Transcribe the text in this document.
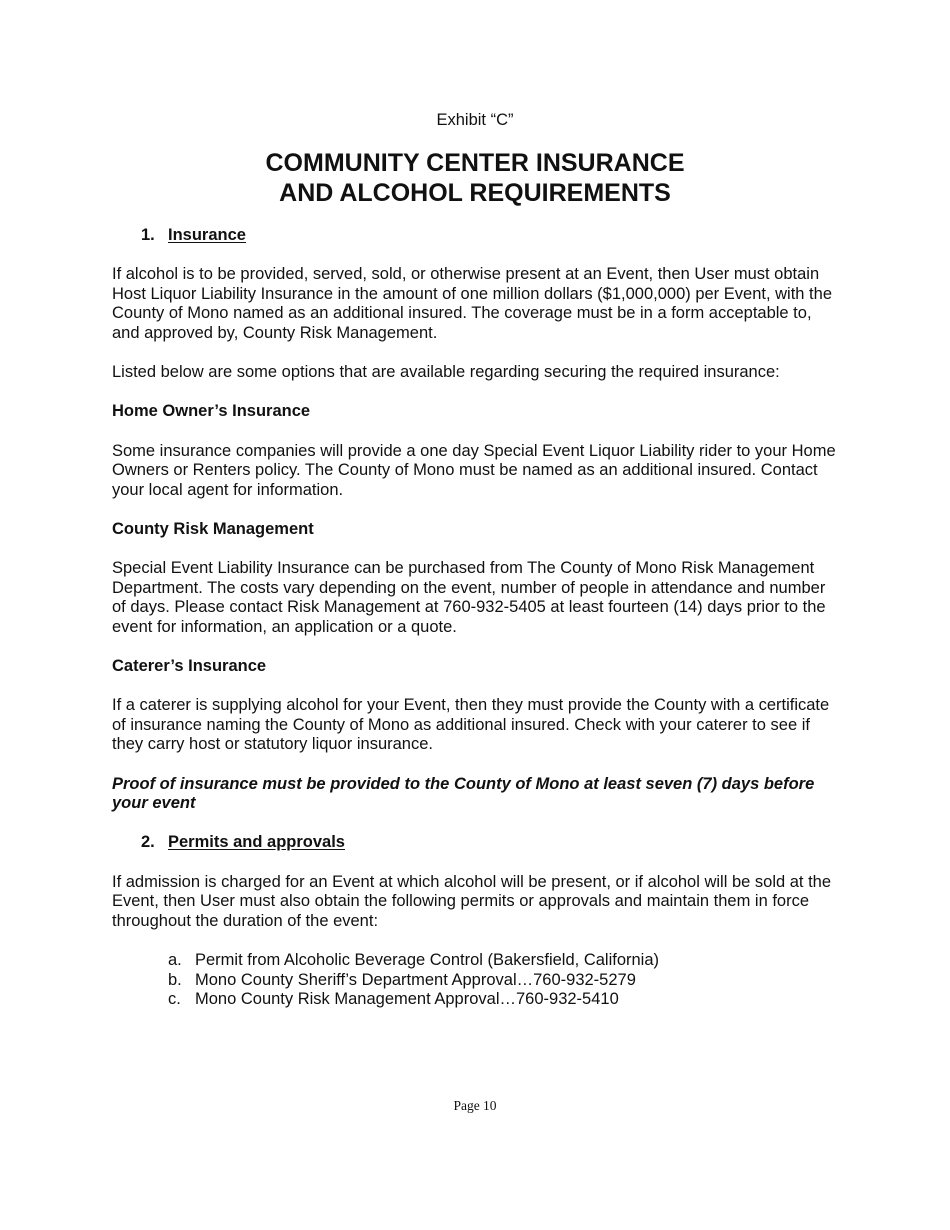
Exhibit “C”
COMMUNITY CENTER INSURANCE
AND ALCOHOL REQUIREMENTS
1. Insurance

If alcohol is to be provided, served, sold, or otherwise present at an Event, then User must obtain Host Liquor Liability Insurance in the amount of one million dollars ($1,000,000) per Event, with the County of Mono named as an additional insured. The coverage must be in a form acceptable to, and approved by, County Risk Management.

Listed below are some options that are available regarding securing the required insurance:

Home Owner’s Insurance

Some insurance companies will provide a one day Special Event Liquor Liability rider to your Home Owners or Renters policy. The County of Mono must be named as an additional insured. Contact your local agent for information.

County Risk Management

Special Event Liability Insurance can be purchased from The County of Mono Risk Management Department. The costs vary depending on the event, number of people in attendance and number of days. Please contact Risk Management at 760-932-5405 at least fourteen (14) days prior to the event for information, an application or a quote.

Caterer’s Insurance

If a caterer is supplying alcohol for your Event, then they must provide the County with a certificate of insurance naming the County of Mono as additional insured. Check with your caterer to see if they carry host or statutory liquor insurance.

Proof of insurance must be provided to the County of Mono at least seven (7) days before your event

2. Permits and approvals

If admission is charged for an Event at which alcohol will be present, or if alcohol will be sold at the Event, then User must also obtain the following permits or approvals and maintain them in force throughout the duration of the event:

a. Permit from Alcoholic Beverage Control (Bakersfield, California)
b. Mono County Sheriff’s Department Approval…760-932-5279
c. Mono County Risk Management Approval…760-932-5410
Page 10
